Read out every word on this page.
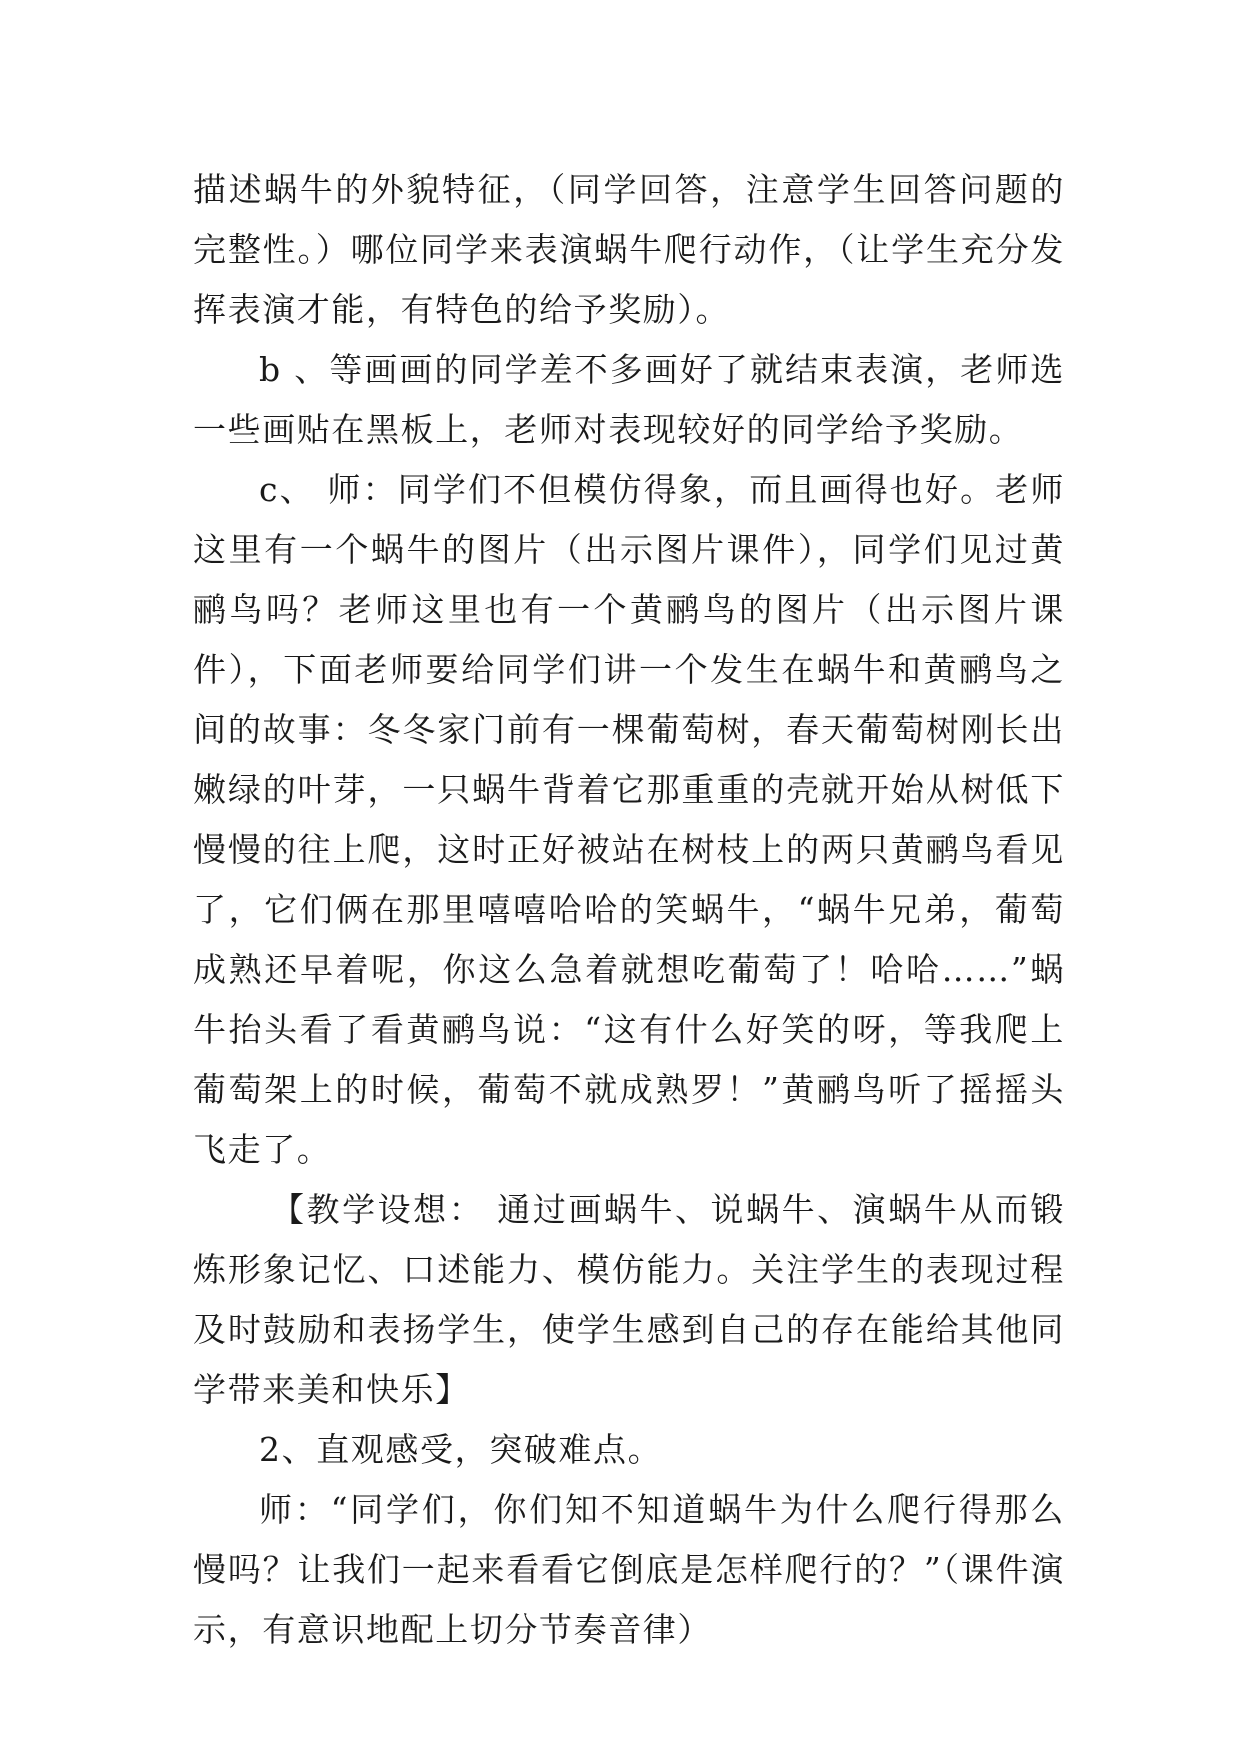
描述蜗牛的外貌特征，（同学回答，注意学生回答问题的完整性。）哪位同学来表演蜗牛爬行动作，（让学生充分发挥表演才能，有特色的给予奖励）。

b 、等画画的同学差不多画好了就结束表演，老师选一些画贴在黑板上，老师对表现较好的同学给予奖励。

c、 师：同学们不但模仿得象，而且画得也好。老师这里有一个蜗牛的图片（出示图片课件），同学们见过黄鹂鸟吗？老师这里也有一个黄鹂鸟的图片（出示图片课件），下面老师要给同学们讲一个发生在蜗牛和黄鹂鸟之间的故事：冬冬家门前有一棵葡萄树，春天葡萄树刚长出嫩绿的叶芽，一只蜗牛背着它那重重的壳就开始从树低下慢慢的往上爬，这时正好被站在树枝上的两只黄鹂鸟看见了，它们俩在那里嘻嘻哈哈的笑蜗牛，“蜗牛兄弟，葡萄成熟还早着呢，你这么急着就想吃葡萄了！哈哈……”蜗牛抬头看了看黄鹂鸟说：“这有什么好笑的呀，等我爬上葡萄架上的时候，葡萄不就成熟罗！”黄鹂鸟听了摇摇头飞走了。

【教学设想： 通过画蜗牛、说蜗牛、演蜗牛从而锻炼形象记忆、口述能力、模仿能力。关注学生的表现过程及时鼓励和表扬学生，使学生感到自己的存在能给其他同学带来美和快乐】

2、直观感受，突破难点。

师：“同学们，你们知不知道蜗牛为什么爬行得那么慢吗？让我们一起来看看它倒底是怎样爬行的？”（课件演示，有意识地配上切分节奏音律）
